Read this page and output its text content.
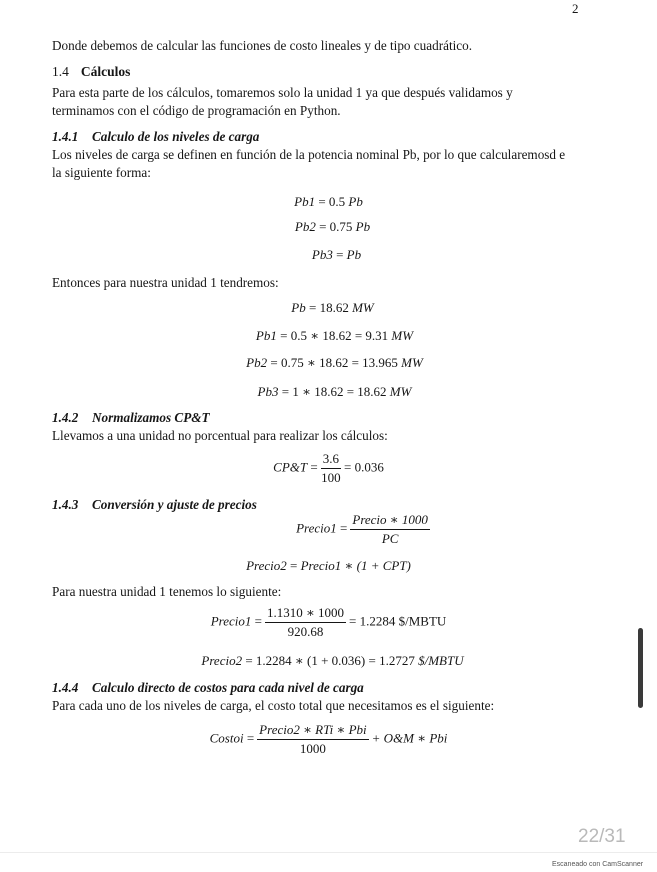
2
Donde debemos de calcular las funciones de costo lineales y de tipo cuadrático.
1.4 Cálculos
Para esta parte de los cálculos, tomaremos solo la unidad 1 ya que después validamos y
terminamos con el código de programación en Python.
1.4.1 Calculo de los niveles de carga
Los niveles de carga se definen en función de la potencia nominal Pb, por lo que calcularemosd e
la siguiente forma:
Pb1 = 0.5 Pb
Pb2 = 0.75 Pb
Pb3 = Pb
Entonces para nuestra unidad 1 tendremos:
Pb = 18.62 MW
Pb1 = 0.5 ∗ 18.62 = 9.31 MW
Pb2 = 0.75 ∗ 18.62 = 13.965 MW
Pb3 = 1 ∗ 18.62 = 18.62 MW
1.4.2 Normalizamos CP&T
Llevamos a una unidad no porcentual para realizar los cálculos:
CP&T = $\frac{3.6}{100} = 0.036$
1.4.3 Conversión y ajuste de precios
Precio1 = $\frac{\text{Precio ∗ 1000}}{PC}$
Precio2 = Precio1 ∗ (1 + CPT)
Para nuestra unidad 1 tenemos lo siguiente:
Precio1 = $\frac{1.1310 ∗ 1000}{920.68} = 1.2284$ $/MBTU
Precio2 = 1.2284 ∗ (1 + 0.036) = 1.2727 $/MBTU
1.4.4 Calculo directo de costos para cada nivel de carga
Para cada uno de los niveles de carga, el costo total que necesitamos es el siguiente:
Costoi = $\frac{\text{Precio2 ∗ RTi ∗ Pbi}}{1000}$ + O&M ∗ Pbi
22/31
Escaneado con CamScanner
